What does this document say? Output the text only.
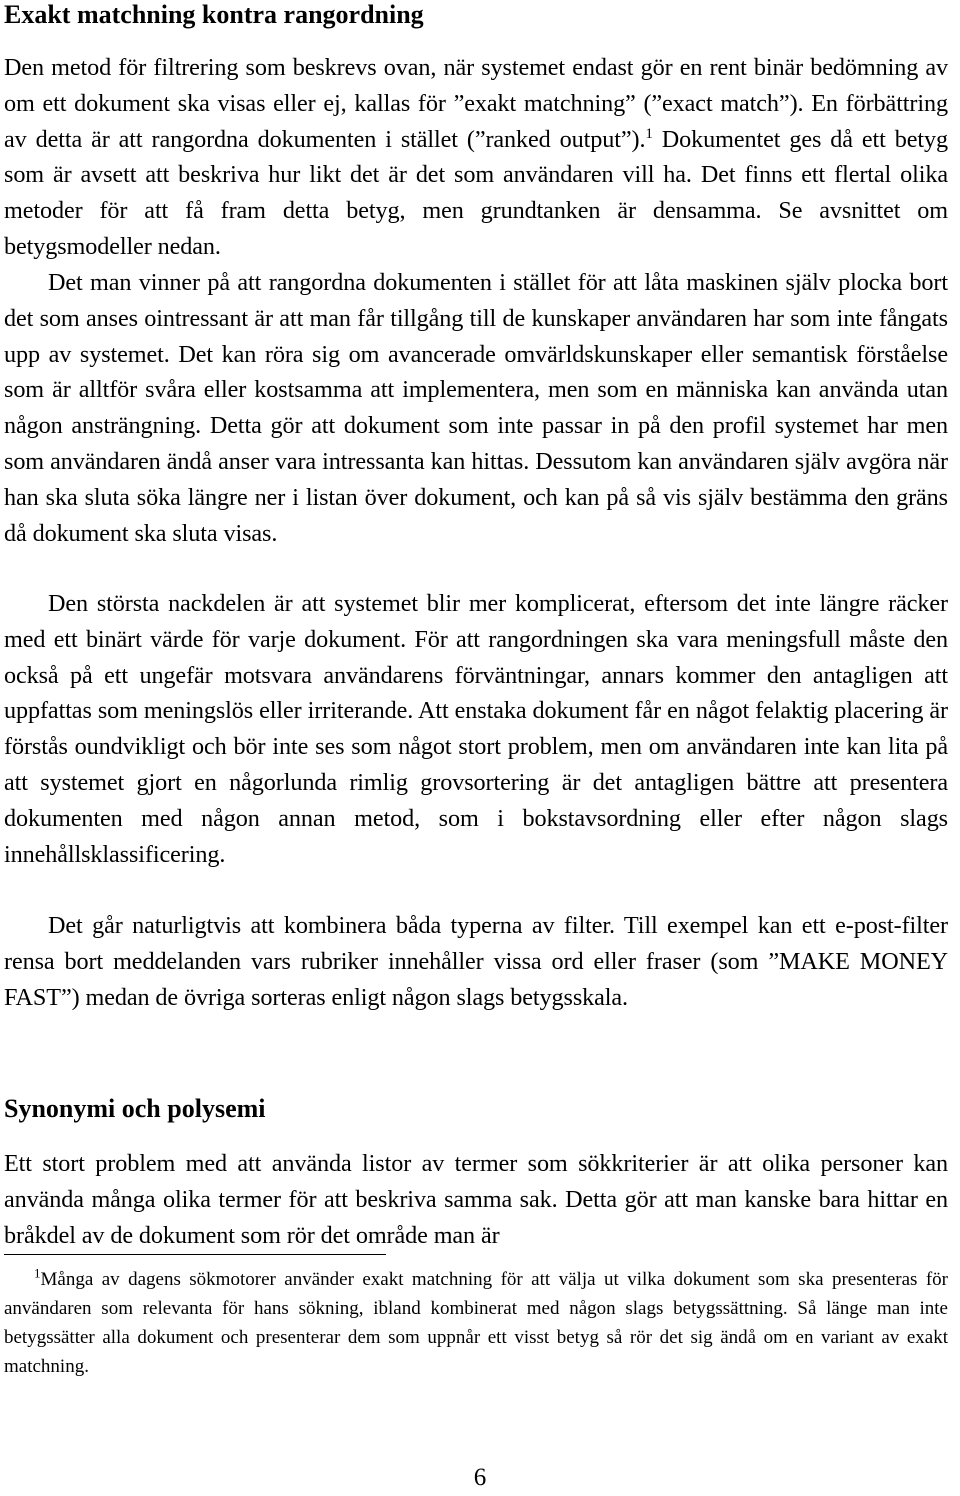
Exakt matchning kontra rangordning

Den metod för filtrering som beskrevs ovan, när systemet endast gör en rent binär bedömning av om ett dokument ska visas eller ej, kallas för ”exakt matchning” (”exact match”). En förbättring av detta är att rangordna dokumenten i stället (”ranked output”).$^1$ Dokumentet ges då ett betyg som är avsett att beskriva hur likt det är det som användaren vill ha. Det finns ett flertal olika metoder för att få fram detta betyg, men grundtanken är densamma. Se avsnittet om betygsmodeller nedan.

Det man vinner på att rangordna dokumenten i stället för att låta maskinen själv plocka bort det som anses ointressant är att man får tillgång till de kunskaper användaren har som inte fångats upp av systemet. Det kan röra sig om avancerade omvärldskunskaper eller semantisk förståelse som är alltför svåra eller kostsamma att implementera, men som en människa kan använda utan någon ansträngning. Detta gör att dokument som inte passar in på den profil systemet har men som användaren ändå anser vara intressanta kan hittas. Dessutom kan användaren själv avgöra när han ska sluta söka längre ner i listan över dokument, och kan på så vis själv bestämma den gräns då dokument ska sluta visas.

Den största nackdelen är att systemet blir mer komplicerat, eftersom det inte längre räcker med ett binärt värde för varje dokument. För att rangordningen ska vara meningsfull måste den också på ett ungefär motsvara användarens förväntningar, annars kommer den antagligen att uppfattas som meningslös eller irriterande. Att enstaka dokument får en något felaktig placering är förstås oundvikligt och bör inte ses som något stort problem, men om användaren inte kan lita på att systemet gjort en någorlunda rimlig grovsortering är det antagligen bättre att presentera dokumenten med någon annan metod, som i bokstavsordning eller efter någon slags innehållsklassificering.

Det går naturligtvis att kombinera båda typerna av filter. Till exempel kan ett e-post-filter rensa bort meddelanden vars rubriker innehåller vissa ord eller fraser (som ”MAKE MONEY FAST”) medan de övriga sorteras enligt någon slags betygsskala.

Synonymi och polysemi

Ett stort problem med att använda listor av termer som sökkriterier är att olika personer kan använda många olika termer för att beskriva samma sak. Detta gör att man kanske bara hittar en bråkdel av de dokument som rör det område man är

$^1$Många av dagens sökmotorer använder exakt matchning för att välja ut vilka dokument som ska presenteras för användaren som relevanta för hans sökning, ibland kombinerat med någon slags betygssättning. Så länge man inte betygssätter alla dokument och presenterar dem som uppnår ett visst betyg så rör det sig ändå om en variant av exakt matchning.

6
